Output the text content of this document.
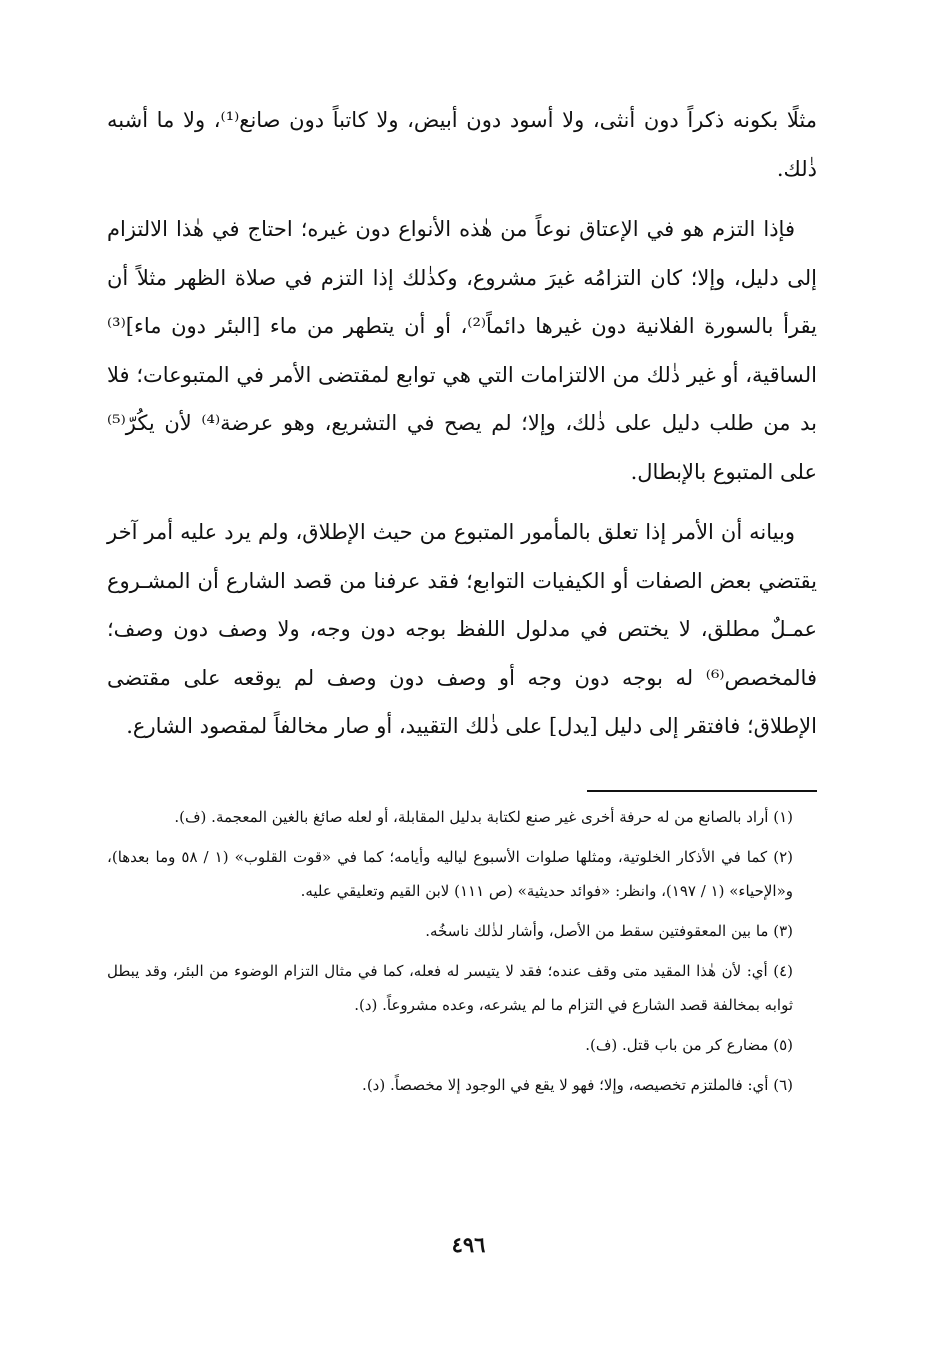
مثلًا بكونه ذكراً دون أنثى، ولا أسود دون أبيض، ولا كاتباً دون صانع⁽¹⁾، ولا ما أشبه ذٰلك.

فإذا التزم هو في الإعتاق نوعاً من هٰذه الأنواع دون غيره؛ احتاج في هٰذا الالتزام إلى دليل، وإلا؛ كان التزامُه غيرَ مشروع، وكذٰلك إذا التزم في صلاة الظهر مثلاً أن يقرأ بالسورة الفلانية دون غيرها دائماً⁽²⁾، أو أن يتطهر من ماء [البئر دون ماء]⁽³⁾ الساقية، أو غير ذٰلك من الالتزامات التي هي توابع لمقتضى الأمر في المتبوعات؛ فلا بد من طلب دليل على ذٰلك، وإلا؛ لم يصح في التشريع، وهو عرضة⁽⁴⁾ لأن يكُرّ⁽⁵⁾ على المتبوع بالإبطال.

وبيانه أن الأمر إذا تعلق بالمأمور المتبوع من حيث الإطلاق، ولم يرد عليه أمر آخر يقتضي بعض الصفات أو الكيفيات التوابع؛ فقد عرفنا من قصد الشارع أن المشـروع عمـلٌ مطلق، لا يختص في مدلول اللفظ بوجه دون وجه، ولا وصف دون وصف؛ فالمخصص⁽⁶⁾ له بوجه دون وجه أو وصف دون وصف لم يوقعه على مقتضى الإطلاق؛ فافتقر إلى دليل [يدل] على ذٰلك التقييد، أو صار مخالفاً لمقصود الشارع.

(١) أراد بالصانع من له حرفة أخرى غير صنع لكتابة بدليل المقابلة، أو لعله صائغ بالغين المعجمة. (ف).

(٢) كما في الأذكار الخلوتية، ومثلها صلوات الأسبوع لياليه وأيامه؛ كما في «قوت القلوب» (١ / ٥٨ وما بعدها)، و«الإحياء» (١ / ١٩٧)، وانظر: «فوائد حديثية» (ص ١١١) لابن القيم وتعليقي عليه.

(٣) ما بين المعقوفتين سقط من الأصل، وأشار لذٰلك ناسخُه.

(٤) أي: لأن هٰذا المقيد متى وقف عنده؛ فقد لا يتيسر له فعله، كما في مثال التزام الوضوء من البئر، وقد يبطل ثوابه بمخالفة قصد الشارع في التزام ما لم يشرعه، وعده مشروعاً. (د).

(٥) مضارع كر من باب قتل. (ف).

(٦) أي: فالملتزم تخصيصه، وإلا؛ فهو لا يقع في الوجود إلا مخصصاً. (د).

٤٩٦
